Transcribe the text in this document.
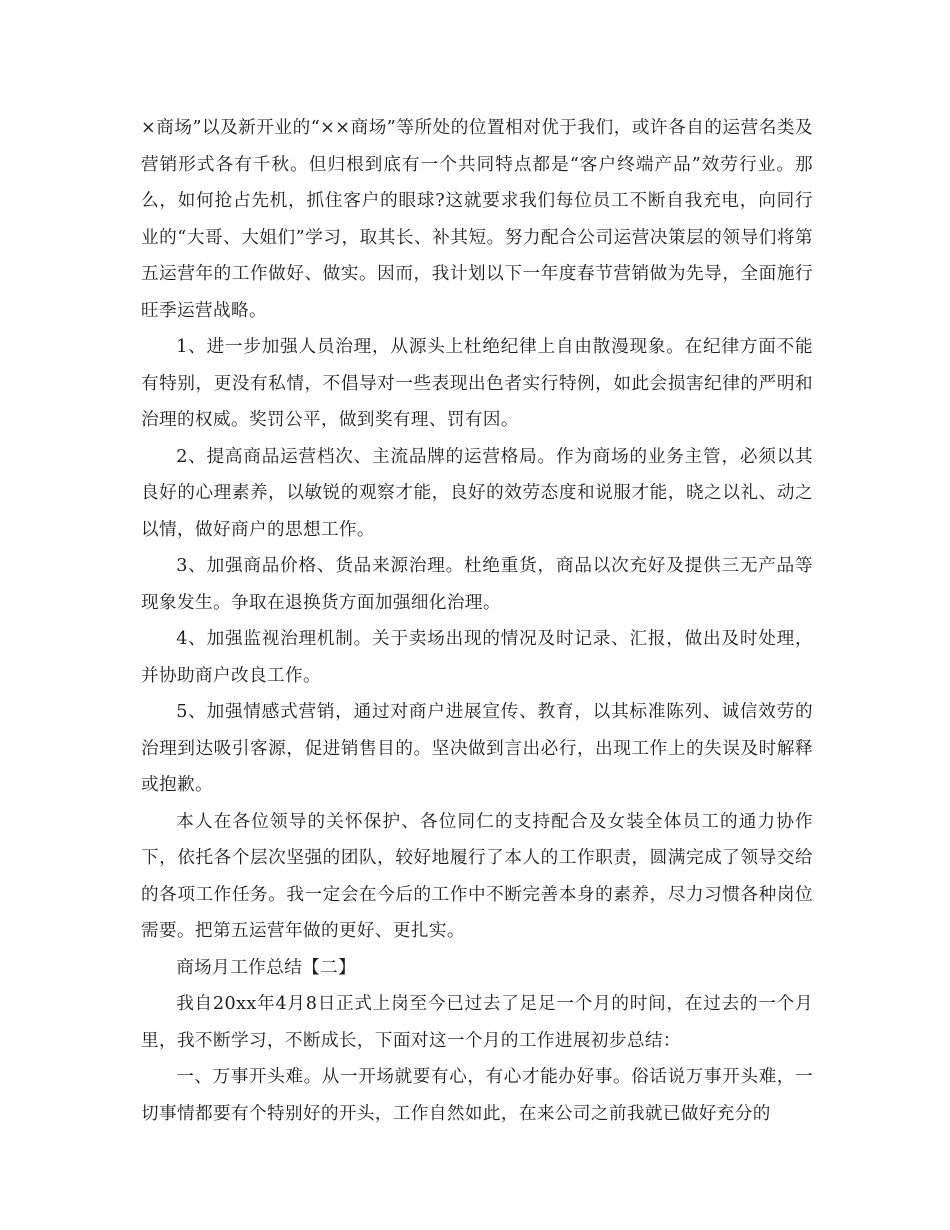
×商场”以及新开业的“××商场”等所处的位置相对优于我们，或许各自的运营名类及营销形式各有千秋。但归根到底有一个共同特点都是“客户终端产品”效劳行业。那么，如何抢占先机，抓住客户的眼球?这就要求我们每位员工不断自我充电，向同行业的“大哥、大姐们”学习，取其长、补其短。努力配合公司运营决策层的领导们将第五运营年的工作做好、做实。因而，我计划以下一年度春节营销做为先导，全面施行旺季运营战略。

1、进一步加强人员治理，从源头上杜绝纪律上自由散漫现象。在纪律方面不能有特别，更没有私情，不倡导对一些表现出色者实行特例，如此会损害纪律的严明和治理的权威。奖罚公平，做到奖有理、罚有因。

2、提高商品运营档次、主流品牌的运营格局。作为商场的业务主管，必须以其良好的心理素养，以敏锐的观察才能，良好的效劳态度和说服才能，晓之以礼、动之以情，做好商户的思想工作。

3、加强商品价格、货品来源治理。杜绝重货，商品以次充好及提供三无产品等现象发生。争取在退换货方面加强细化治理。

4、加强监视治理机制。关于卖场出现的情况及时记录、汇报，做出及时处理，并协助商户改良工作。

5、加强情感式营销，通过对商户进展宣传、教育，以其标准陈列、诚信效劳的治理到达吸引客源，促进销售目的。坚决做到言出必行，出现工作上的失误及时解释或抱歉。

本人在各位领导的关怀保护、各位同仁的支持配合及女装全体员工的通力协作下，依托各个层次坚强的团队，较好地履行了本人的工作职责，圆满完成了领导交给的各项工作任务。我一定会在今后的工作中不断完善本身的素养，尽力习惯各种岗位需要。把第五运营年做的更好、更扎实。

商场月工作总结【二】

我自20xx年4月8日正式上岗至今已过去了足足一个月的时间，在过去的一个月里，我不断学习，不断成长，下面对这一个月的工作进展初步总结：

一、万事开头难。从一开场就要有心，有心才能办好事。俗话说万事开头难，一切事情都要有个特别好的开头，工作自然如此，在来公司之前我就已做好充分的
